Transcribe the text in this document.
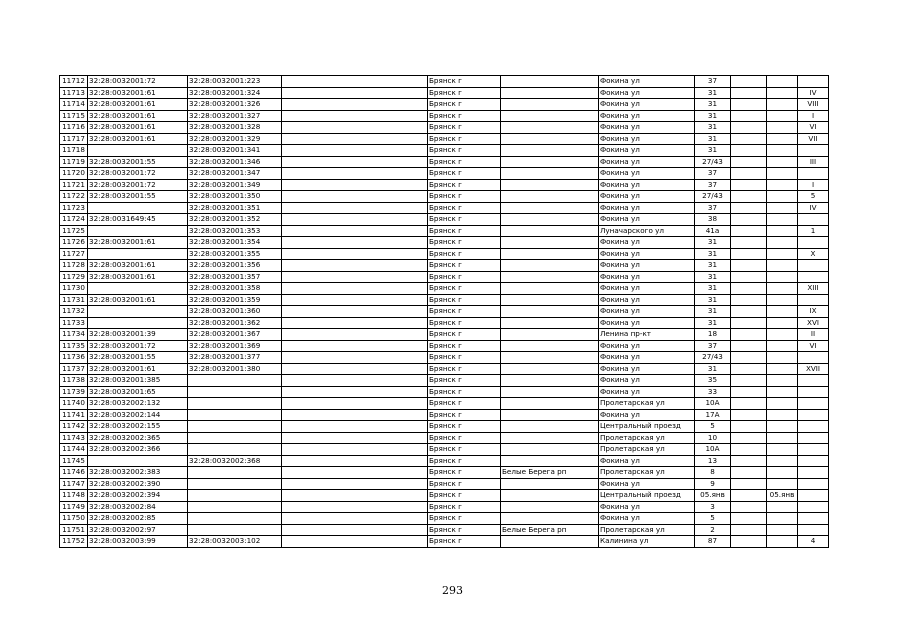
11712	32:28:0032001:72	32:28:0032001:223		Брянск г		Фокина ул	37			
11713	32:28:0032001:61	32:28:0032001:324		Брянск г		Фокина ул	31			IV
11714	32:28:0032001:61	32:28:0032001:326		Брянск г		Фокина ул	31			VIII
11715	32:28:0032001:61	32:28:0032001:327		Брянск г		Фокина ул	31			I
11716	32:28:0032001:61	32:28:0032001:328		Брянск г		Фокина ул	31			VI
11717	32:28:0032001:61	32:28:0032001:329		Брянск г		Фокина ул	31			VII
11718		32:28:0032001:341		Брянск г		Фокина ул	31			
11719	32:28:0032001:55	32:28:0032001:346		Брянск г		Фокина ул	27/43			III
11720	32:28:0032001:72	32:28:0032001:347		Брянск г		Фокина ул	37			
11721	32:28:0032001:72	32:28:0032001:349		Брянск г		Фокина ул	37			I
11722	32:28:0032001:55	32:28:0032001:350		Брянск г		Фокина ул	27/43			5
11723		32:28:0032001:351		Брянск г		Фокина ул	37			IV
11724	32:28:0031649:45	32:28:0032001:352		Брянск г		Фокина ул	38			
11725		32:28:0032001:353		Брянск г		Луначарского ул	41а			1
11726	32:28:0032001:61	32:28:0032001:354		Брянск г		Фокина ул	31			
11727		32:28:0032001:355		Брянск г		Фокина ул	31			X
11728	32:28:0032001:61	32:28:0032001:356		Брянск г		Фокина ул	31			
11729	32:28:0032001:61	32:28:0032001:357		Брянск г		Фокина ул	31			
11730		32:28:0032001:358		Брянск г		Фокина ул	31			XIII
11731	32:28:0032001:61	32:28:0032001:359		Брянск г		Фокина ул	31			
11732		32:28:0032001:360		Брянск г		Фокина ул	31			IX
11733		32:28:0032001:362		Брянск г		Фокина ул	31			XVI
11734	32:28:0032001:39	32:28:0032001:367		Брянск г		Ленина пр-кт	18			II
11735	32:28:0032001:72	32:28:0032001:369		Брянск г		Фокина ул	37			VI
11736	32:28:0032001:55	32:28:0032001:377		Брянск г		Фокина ул	27/43			
11737	32:28:0032001:61	32:28:0032001:380		Брянск г		Фокина ул	31			XVII
11738	32:28:0032001:385			Брянск г		Фокина ул	35			
11739	32:28:0032001:65			Брянск г		Фокина ул	33			
11740	32:28:0032002:132			Брянск г		Пролетарская ул	10А			
11741	32:28:0032002:144			Брянск г		Фокина ул	17А			
11742	32:28:0032002:155			Брянск г		Центральный проезд	5			
11743	32:28:0032002:365			Брянск г		Пролетарская ул	10			
11744	32:28:0032002:366			Брянск г		Пролетарская ул	10А			
11745		32:28:0032002:368		Брянск г		Фокина ул	13			
11746	32:28:0032002:383			Брянск г	Белые Берега рп	Пролетарская ул	8			
11747	32:28:0032002:390			Брянск г		Фокина ул	9			
11748	32:28:0032002:394			Брянск г		Центральный проезд	05.янв		05.янв	
11749	32:28:0032002:84			Брянск г		Фокина ул	3			
11750	32:28:0032002:85			Брянск г		Фокина ул	5			
11751	32:28:0032002:97			Брянск г	Белые Берега рп	Пролетарская ул	2			
11752	32:28:0032003:99	32:28:0032003:102		Брянск г		Калинина ул	87			4
293
